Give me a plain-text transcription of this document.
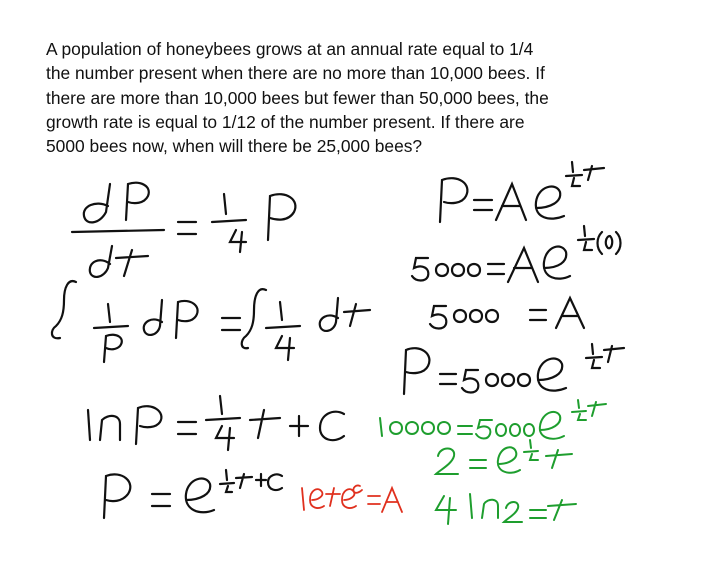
A population of honeybees grows at an annual rate equal to 1/4
the number present when there are no more than 10,000 bees. If
there are more than 10,000 bees but fewer than 50,000 bees, the
growth rate is equal to 1/12 of the number present. If there are
5000 bees now, when will there be 25,000 bees?
